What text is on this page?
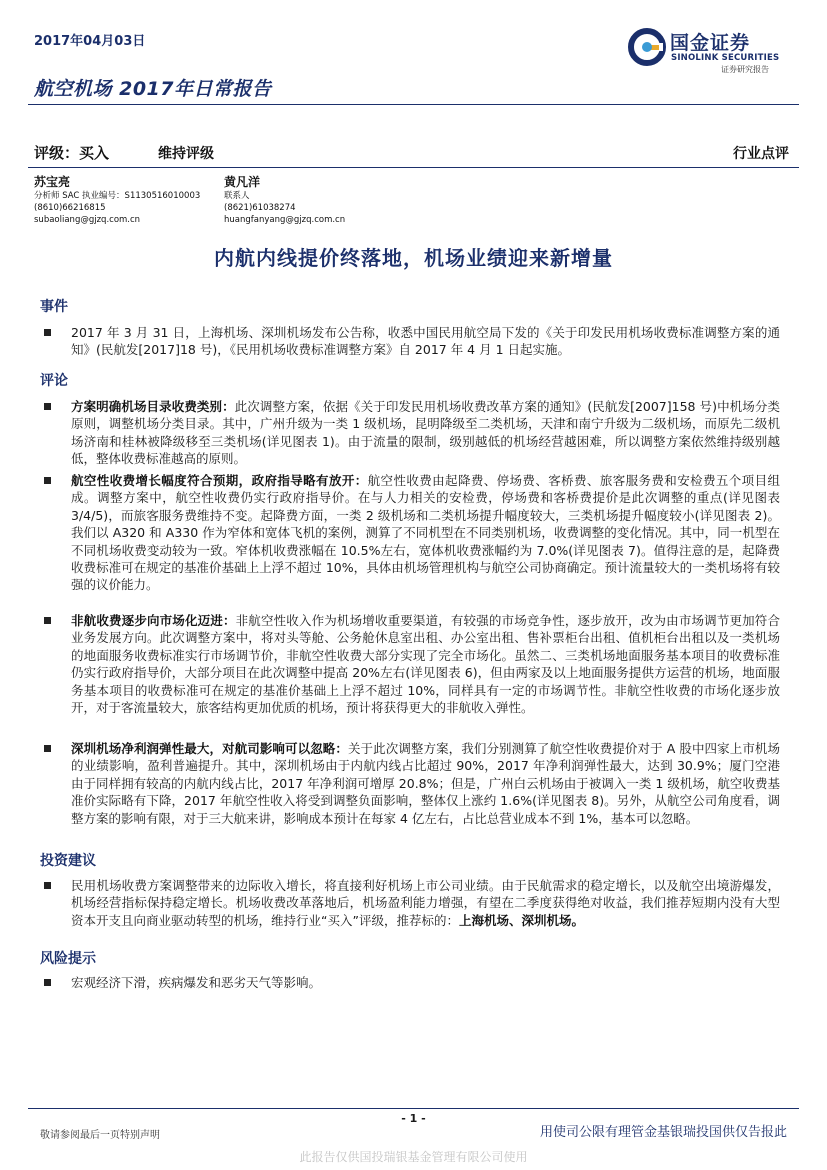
2017年04月03日
航空机场 2017年日常报告
国金证券
SINOLINK SECURITIES
证券研究报告
评级：买入	维持评级	行业点评
苏宝亮
分析师 SAC 执业编号：S1130516010003
(8610)66216815
subaoliang@gjzq.com.cn
黄凡洋
联系人
(8621)61038274
huangfanyang@gjzq.com.cn
内航内线提价终落地，机场业绩迎来新增量
事件
2017 年 3 月 31 日，上海机场、深圳机场发布公告称，收悉中国民用航空局下发的《关于印发民用机场收费标准调整方案的通知》(民航发[2017]18 号)，《民用机场收费标准调整方案》自 2017 年 4 月 1 日起实施。
评论
方案明确机场目录收费类别：此次调整方案，依据《关于印发民用机场收费改革方案的通知》(民航发[2007]158 号)中机场分类原则，调整机场分类目录。其中，广州升级为一类 1 级机场，昆明降级至二类机场，天津和南宁升级为二级机场，而原先二级机场济南和桂林被降级移至三类机场(详见图表 1)。由于流量的限制，级别越低的机场经营越困难，所以调整方案依然维持级别越低，整体收费标准越高的原则。
航空性收费增长幅度符合预期，政府指导略有放开：航空性收费由起降费、停场费、客桥费、旅客服务费和安检费五个项目组成。调整方案中，航空性收费仍实行政府指导价。在与人力相关的安检费，停场费和客桥费提价是此次调整的重点(详见图表 3/4/5)，而旅客服务费维持不变。起降费方面，一类 2 级机场和二类机场提升幅度较大，三类机场提升幅度较小(详见图表 2)。我们以 A320 和 A330 作为窄体和宽体飞机的案例，测算了不同机型在不同类别机场，收费调整的变化情况。其中，同一机型在不同机场收费变动较为一致。窄体机收费涨幅在 10.5%左右，宽体机收费涨幅约为 7.0%(详见图表 7)。值得注意的是，起降费收费标准可在规定的基准价基础上上浮不超过 10%，具体由机场管理机构与航空公司协商确定。预计流量较大的一类机场将有较强的议价能力。
非航收费逐步向市场化迈进：非航空性收入作为机场增收重要渠道，有较强的市场竞争性，逐步放开，改为由市场调节更加符合业务发展方向。此次调整方案中，将对头等舱、公务舱休息室出租、办公室出租、售补票柜台出租、值机柜台出租以及一类机场的地面服务收费标准实行市场调节价，非航空性收费大部分实现了完全市场化。虽然二、三类机场地面服务基本项目的收费标准仍实行政府指导价，大部分项目在此次调整中提高 20%左右(详见图表 6)，但由两家及以上地面服务提供方运营的机场，地面服务基本项目的收费标准可在规定的基准价基础上上浮不超过 10%，同样具有一定的市场调节性。非航空性收费的市场化逐步放开，对于客流量较大，旅客结构更加优质的机场，预计将获得更大的非航收入弹性。
深圳机场净利润弹性最大，对航司影响可以忽略：关于此次调整方案，我们分别测算了航空性收费提价对于 A 股中四家上市机场的业绩影响，盈利普遍提升。其中，深圳机场由于内航内线占比超过 90%，2017 年净利润弹性最大，达到 30.9%；厦门空港由于同样拥有较高的内航内线占比，2017 年净利润可增厚 20.8%；但是，广州白云机场由于被调入一类 1 级机场，航空收费基准价实际略有下降，2017 年航空性收入将受到调整负面影响，整体仅上涨约 1.6%(详见图表 8)。另外，从航空公司角度看，调整方案的影响有限，对于三大航来讲，影响成本预计在每家 4 亿左右，占比总营业成本不到 1%，基本可以忽略。
投资建议
民用机场收费方案调整带来的边际收入增长，将直接利好机场上市公司业绩。由于民航需求的稳定增长，以及航空出境游爆发，机场经营指标保持稳定增长。机场收费改革落地后，机场盈利能力增强，有望在二季度获得绝对收益，我们推荐短期内没有大型资本开支且向商业驱动转型的机场，维持行业“买入”评级，推荐标的：上海机场、深圳机场。
风险提示
宏观经济下滑，疾病爆发和恶劣天气等影响。
- 1 -
敬请参阅最后一页特别声明	用使司公限有理管金基银瑞投国供仅告报此
此报告仅供国投瑞银基金管理有限公司使用
